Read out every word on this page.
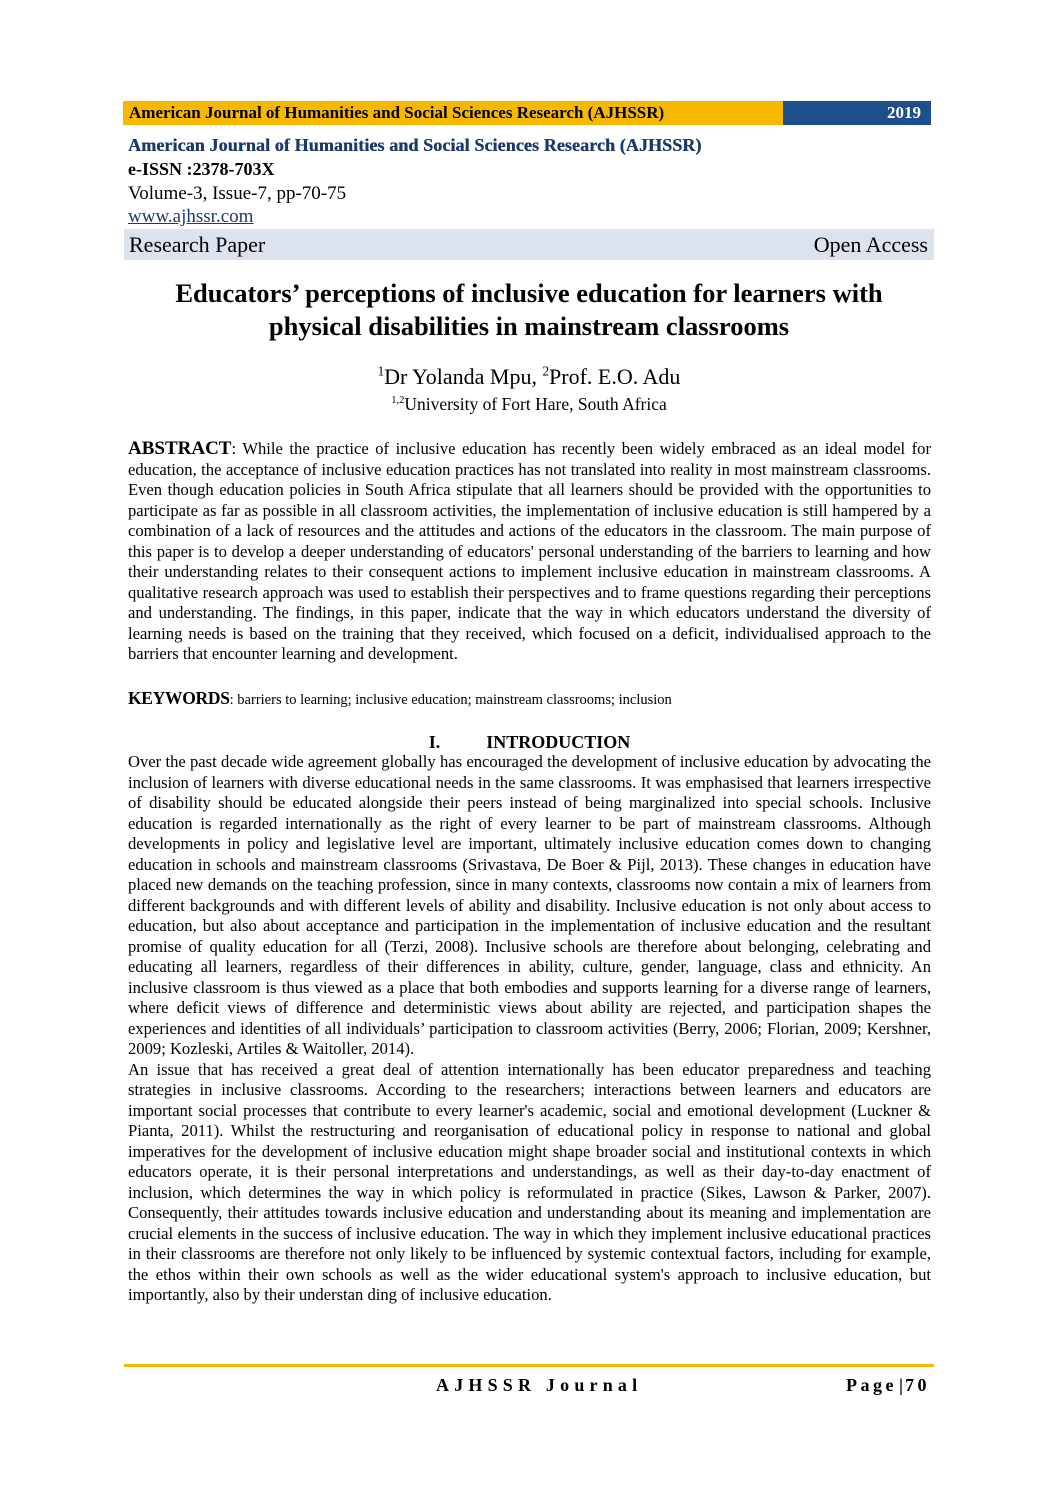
American Journal of Humanities and Social Sciences Research (AJHSSR)	2019
American Journal of Humanities and Social Sciences Research (AJHSSR)
e-ISSN :2378-703X
Volume-3, Issue-7, pp-70-75
www.ajhssr.com
Research Paper	Open Access
Educators’ perceptions of inclusive education for learners with
physical disabilities in mainstream classrooms
$^1$Dr Yolanda Mpu, $^2$Prof. E.O. Adu
$^{1,2}$University of Fort Hare, South Africa
ABSTRACT: While the practice of inclusive education has recently been widely embraced as an ideal model for education, the acceptance of inclusive education practices has not translated into reality in most mainstream classrooms. Even though education policies in South Africa stipulate that all learners should be provided with the opportunities to participate as far as possible in all classroom activities, the implementation of inclusive education is still hampered by a combination of a lack of resources and the attitudes and actions of the educators in the classroom. The main purpose of this paper is to develop a deeper understanding of educators' personal understanding of the barriers to learning and how their understanding relates to their consequent actions to implement inclusive education in mainstream classrooms. A qualitative research approach was used to establish their perspectives and to frame questions regarding their perceptions and understanding. The findings, in this paper, indicate that the way in which educators understand the diversity of learning needs is based on the training that they received, which focused on a deficit, individualised approach to the barriers that encounter learning and development.
KEYWORDS: barriers to learning; inclusive education; mainstream classrooms; inclusion
I.	INTRODUCTION

Over the past decade wide agreement globally has encouraged the development of inclusive education by advocating the inclusion of learners with diverse educational needs in the same classrooms. It was emphasised that learners irrespective of disability should be educated alongside their peers instead of being marginalized into special schools. Inclusive education is regarded internationally as the right of every learner to be part of mainstream classrooms. Although developments in policy and legislative level are important, ultimately inclusive education comes down to changing education in schools and mainstream classrooms (Srivastava, De Boer & Pijl, 2013). These changes in education have placed new demands on the teaching profession, since in many contexts, classrooms now contain a mix of learners from different backgrounds and with different levels of ability and disability. Inclusive education is not only about access to education, but also about acceptance and participation in the implementation of inclusive education and the resultant promise of quality education for all (Terzi, 2008). Inclusive schools are therefore about belonging, celebrating and educating all learners, regardless of their differences in ability, culture, gender, language, class and ethnicity. An inclusive classroom is thus viewed as a place that both embodies and supports learning for a diverse range of learners, where deficit views of difference and deterministic views about ability are rejected, and participation shapes the experiences and identities of all individuals’ participation to classroom activities (Berry, 2006; Florian, 2009; Kershner, 2009; Kozleski, Artiles & Waitoller, 2014).

An issue that has received a great deal of attention internationally has been educator preparedness and teaching strategies in inclusive classrooms. According to the researchers; interactions between learners and educators are important social processes that contribute to every learner's academic, social and emotional development (Luckner & Pianta, 2011). Whilst the restructuring and reorganisation of educational policy in response to national and global imperatives for the development of inclusive education might shape broader social and institutional contexts in which educators operate, it is their personal interpretations and understandings, as well as their day-to-day enactment of inclusion, which determines the way in which policy is reformulated in practice (Sikes, Lawson & Parker, 2007). Consequently, their attitudes towards inclusive education and understanding about its meaning and implementation are crucial elements in the success of inclusive education. The way in which they implement inclusive educational practices in their classrooms are therefore not only likely to be influenced by systemic contextual factors, including for example, the ethos within their own schools as well as the wider educational system's approach to inclusive education, but importantly, also by their understan ding of inclusive education.

AJHSSR Journal	Page | 70
